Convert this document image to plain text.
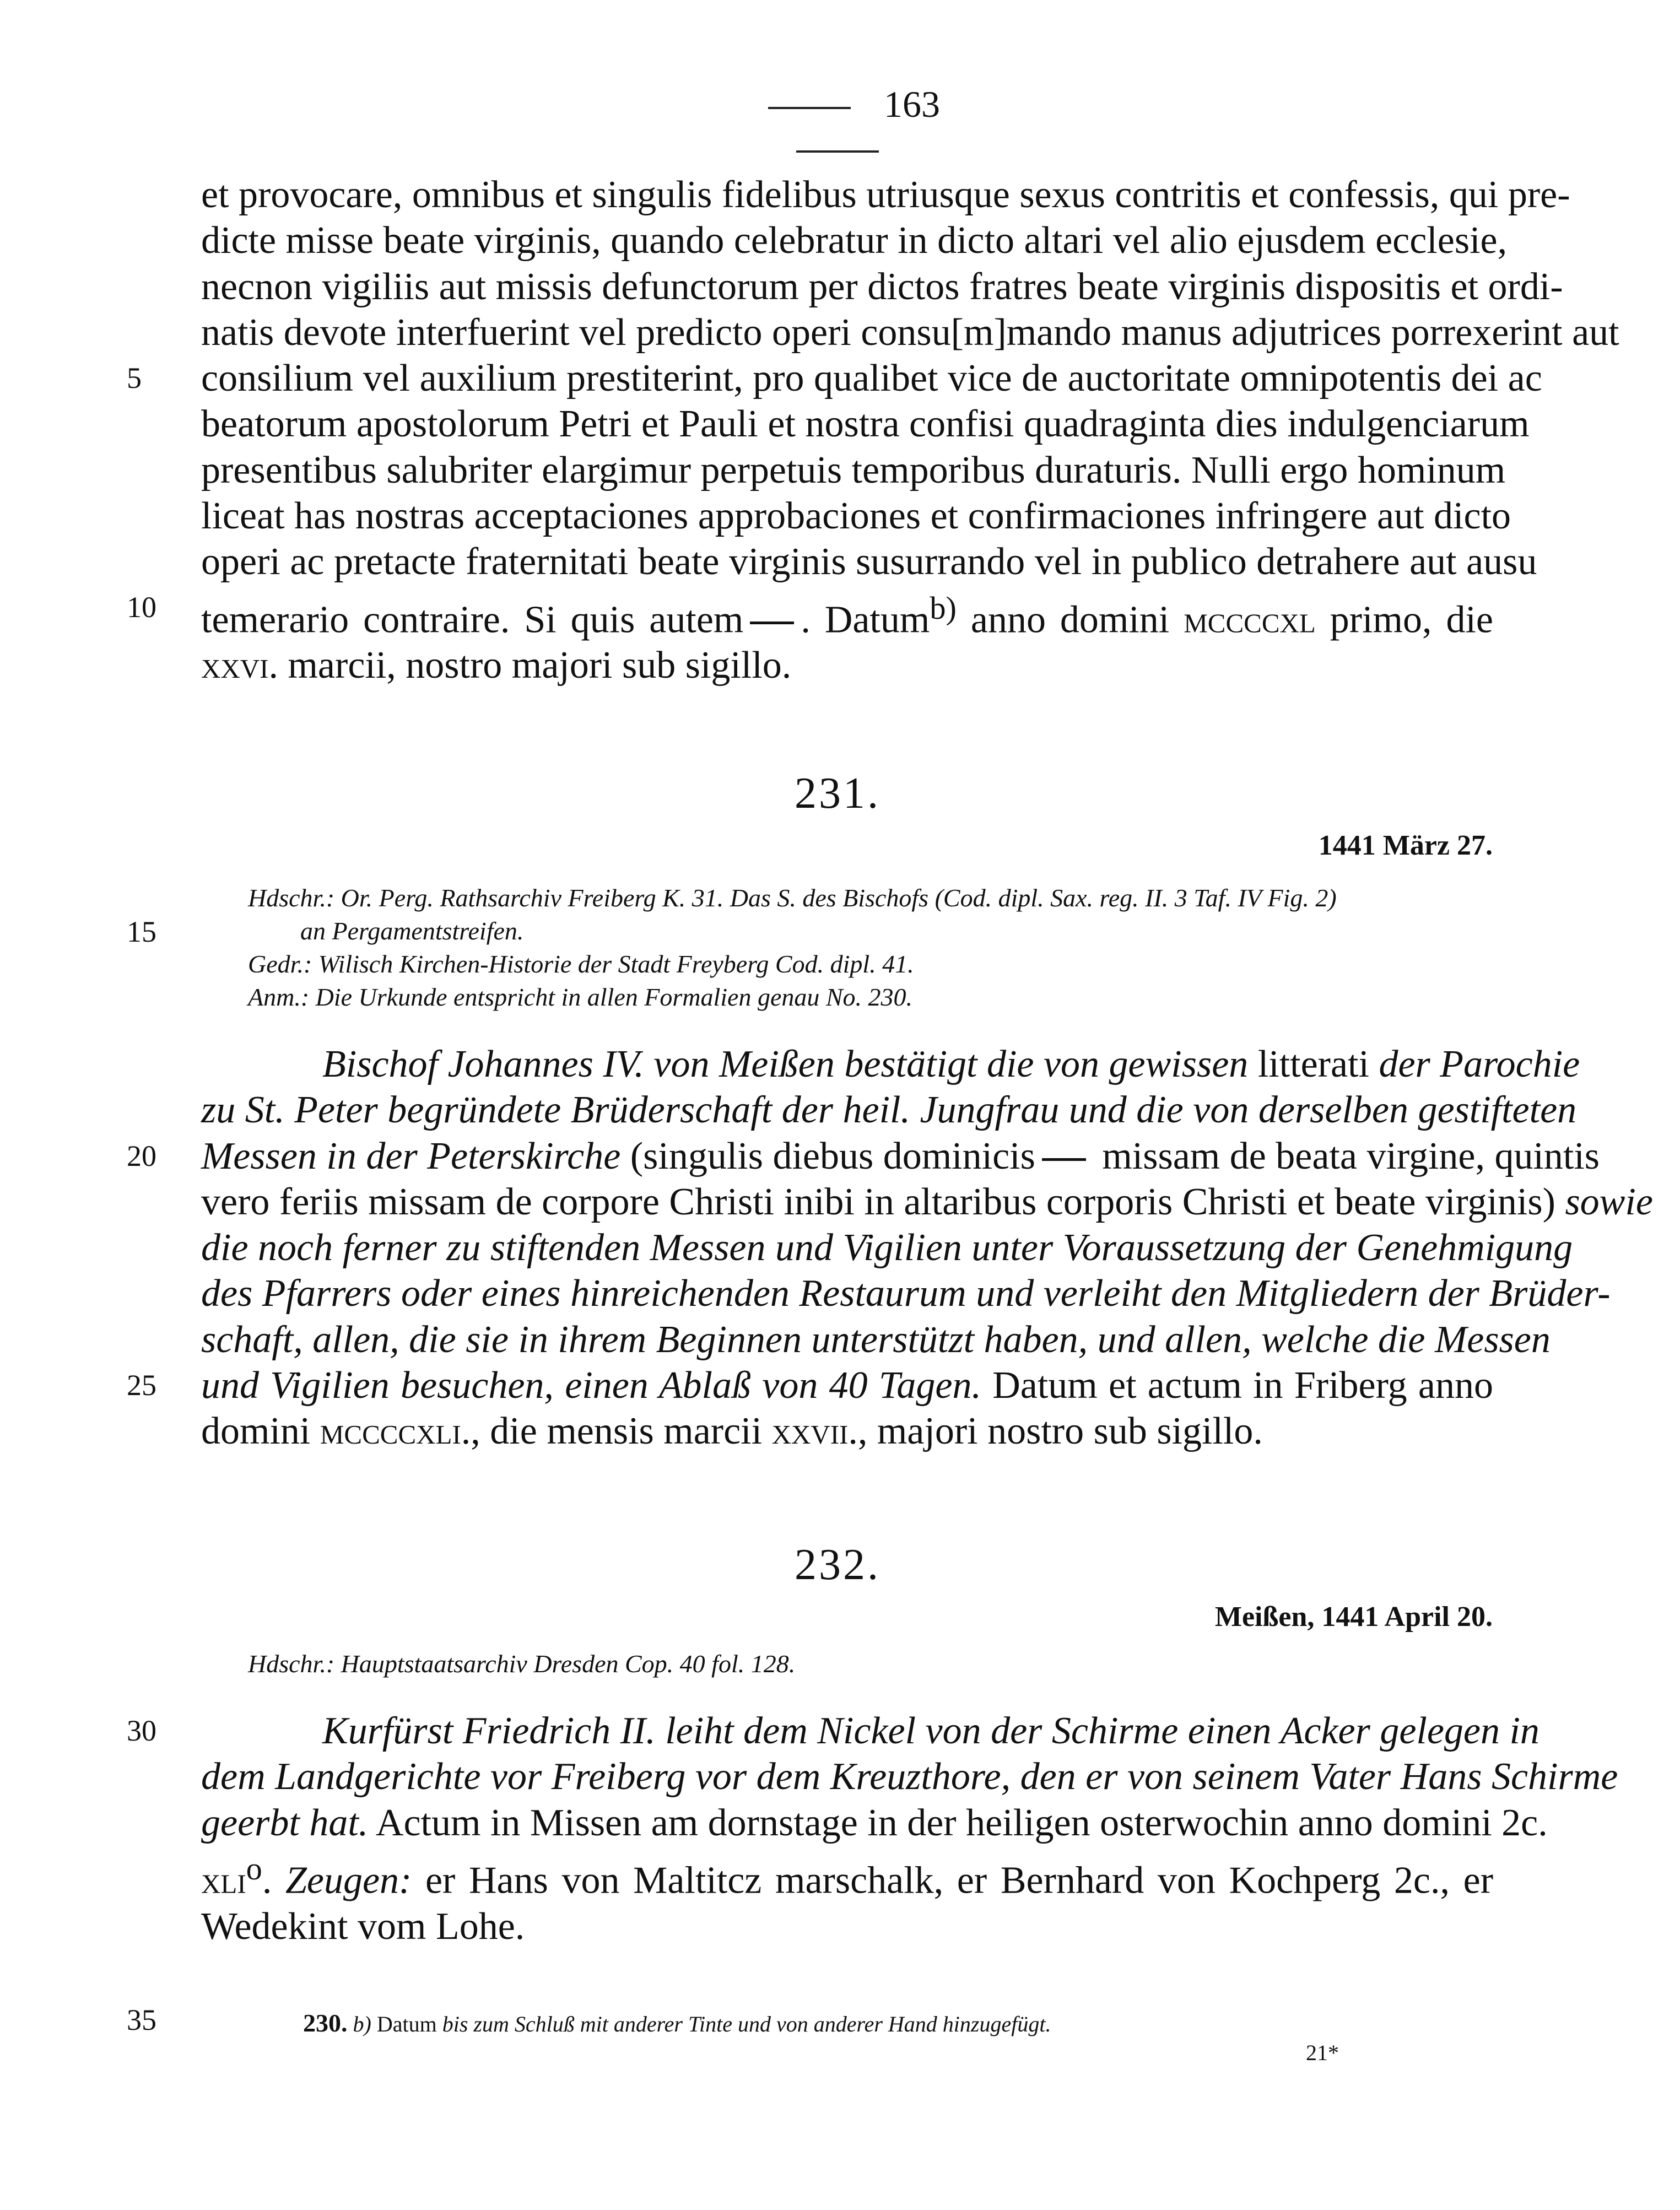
163
et provocare, omnibus et singulis fidelibus utriusque sexus contritis et confessis, qui pre-
dicte misse beate virginis, quando celebratur in dicto altari vel alio ejusdem ecclesie,
necnon vigiliis aut missis defunctorum per dictos fratres beate virginis dispositis et ordi-
natis devote interfuerint vel predicto operi consu[m]mando manus adjutrices porrexerint aut
consilium vel auxilium prestiterint, pro qualibet vice de auctoritate omnipotentis dei ac
beatorum apostolorum Petri et Pauli et nostra confisi quadraginta dies indulgenciarum
presentibus salubriter elargimur perpetuis temporibus duraturis. Nulli ergo hominum
liceat has nostras acceptaciones approbaciones et confirmaciones infringere aut dicto
operi ac pretacte fraternitati beate virginis susurrando vel in publico detrahere aut ausu
temerario contraire. Si quis autem . Datum$^{b)}$ anno domini mccccxl primo, die
xxvi. marcii, nostro majori sub sigillo.
5
10
231.
1441 März 27.

Hdschr.: Or. Perg. Rathsarchiv Freiberg K. 31. Das S. des Bischofs (Cod. dipl. Sax. reg. II. 3 Taf. IV Fig. 2)

an Pergamentstreifen.

Gedr.: Wilisch Kirchen-Historie der Stadt Freyberg Cod. dipl. 41.

Anm.: Die Urkunde entspricht in allen Formalien genau No. 230.

15
Bischof Johannes IV. von Meißen bestätigt die von gewissen litterati der Parochie
zu St. Peter begründete Brüderschaft der heil. Jungfrau und die von derselben gestifteten
Messen in der Peterskirche (singulis diebus dominicis missam de beata virgine, quintis
vero feriis missam de corpore Christi inibi in altaribus corporis Christi et beate virginis) sowie
die noch ferner zu stiftenden Messen und Vigilien unter Voraussetzung der Genehmigung
des Pfarrers oder eines hinreichenden Restaurum und verleiht den Mitgliedern der Brüder-
schaft, allen, die sie in ihrem Beginnen unterstützt haben, und allen, welche die Messen
und Vigilien besuchen, einen Ablaß von 40 Tagen. Datum et actum in Friberg anno
domini mccccxli., die mensis marcii xxvii., majori nostro sub sigillo.
20
25
232.
Meißen, 1441 April 20.

Hdschr.: Hauptstaatsarchiv Dresden Cop. 40 fol. 128.

Kurfürst Friedrich II. leiht dem Nickel von der Schirme einen Acker gelegen in
dem Landgerichte vor Freiberg vor dem Kreuzthore, den er von seinem Vater Hans Schirme
geerbt hat. Actum in Missen am dornstage in der heiligen osterwochin anno domini 2c.
xli$^o$. Zeugen: er Hans von Maltitcz marschalk, er Bernhard von Kochperg 2c., er
Wedekint vom Lohe.
30
35	230. b) Datum bis zum Schluß mit anderer Tinte und von anderer Hand hinzugefügt.
21*
